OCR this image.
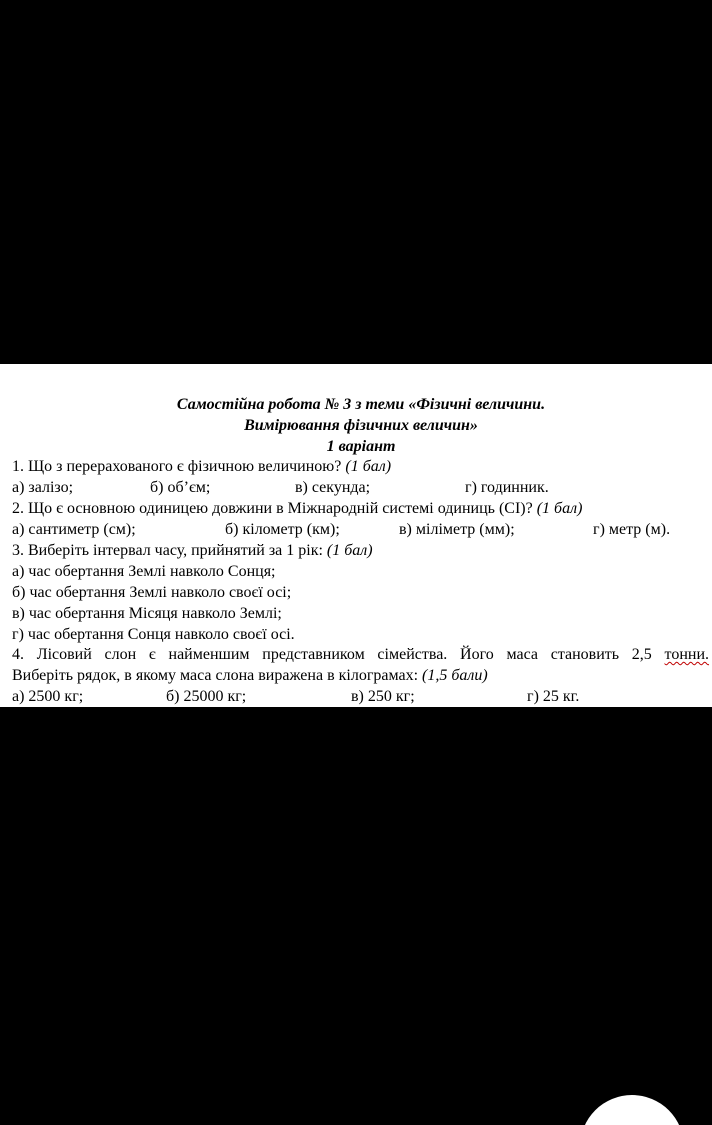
Самостійна робота № 3 з теми «Фізичні величини.
Вимірювання фізичних величин»
1 варіант
1. Що з перерахованого є фізичною величиною? (1 бал)
а) залізо;	б) об’єм;	в) секунда;	г) годинник.
2. Що є основною одиницею довжини в Міжнародній системі одиниць (СІ)? (1 бал)
а) сантиметр (см);	б) кілометр (км);	в) міліметр (мм);	г) метр (м).
3. Виберіть інтервал часу, прийнятий за 1 рік: (1 бал)
а) час обертання Землі навколо Сонця;
б) час обертання Землі навколо своєї осі;
в) час обертання Місяця навколо Землі;
г) час обертання Сонця навколо своєї осі.
4. Лісовий слон є найменшим представником сімейства. Його маса становить 2,5 тонни.
Виберіть рядок, в якому маса слона виражена в кілограмах: (1,5 бали)
а) 2500 кг;	б) 25000 кг;	в) 250 кг;	г) 25 кг.
